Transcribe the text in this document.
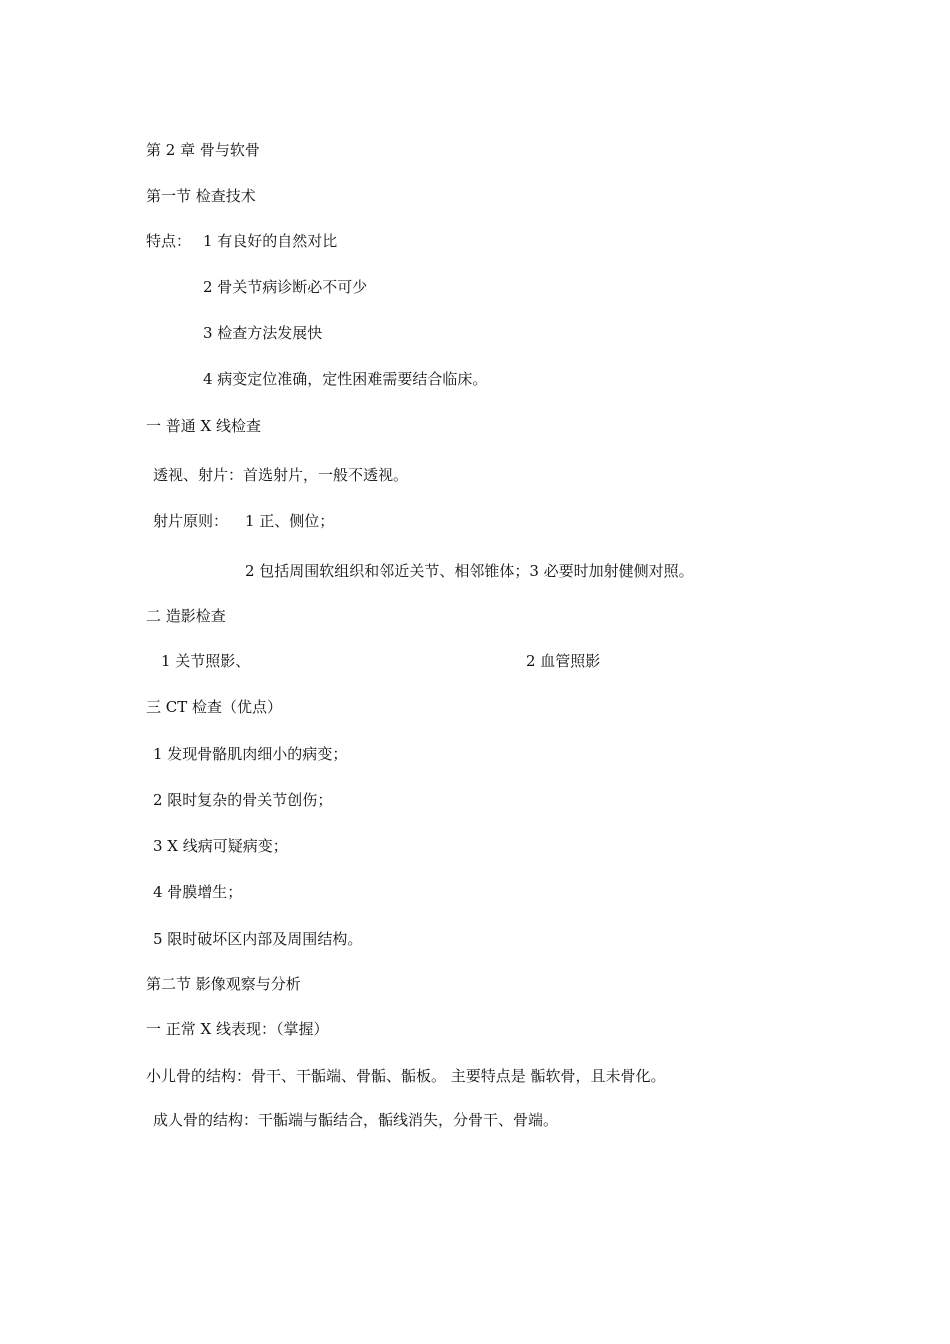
第 2 章 骨与软骨
第一节 检查技术
特点： 1 有良好的自然对比
2 骨关节病诊断必不可少
3 检查方法发展快
4 病变定位准确，定性困难需要结合临床。
一 普通 X 线检查
透视、射片：首选射片，一般不透视。
射片原则： 1 正、侧位；
2 包括周围软组织和邻近关节、相邻锥体；3 必要时加射健侧对照。
二 造影检查
1 关节照影、	2 血管照影
三 CT 检查（优点）
1 发现骨骼肌肉细小的病变；
2 限时复杂的骨关节创伤；
3 X 线病可疑病变；
4 骨膜增生；
5 限时破坏区内部及周围结构。
第二节 影像观察与分析
一 正常 X 线表现：（掌握）
小儿骨的结构：骨干、干骺端、骨骺、骺板。 主要特点是 骺软骨，且未骨化。
成人骨的结构：干骺端与骺结合，骺线消失，分骨干、骨端。
